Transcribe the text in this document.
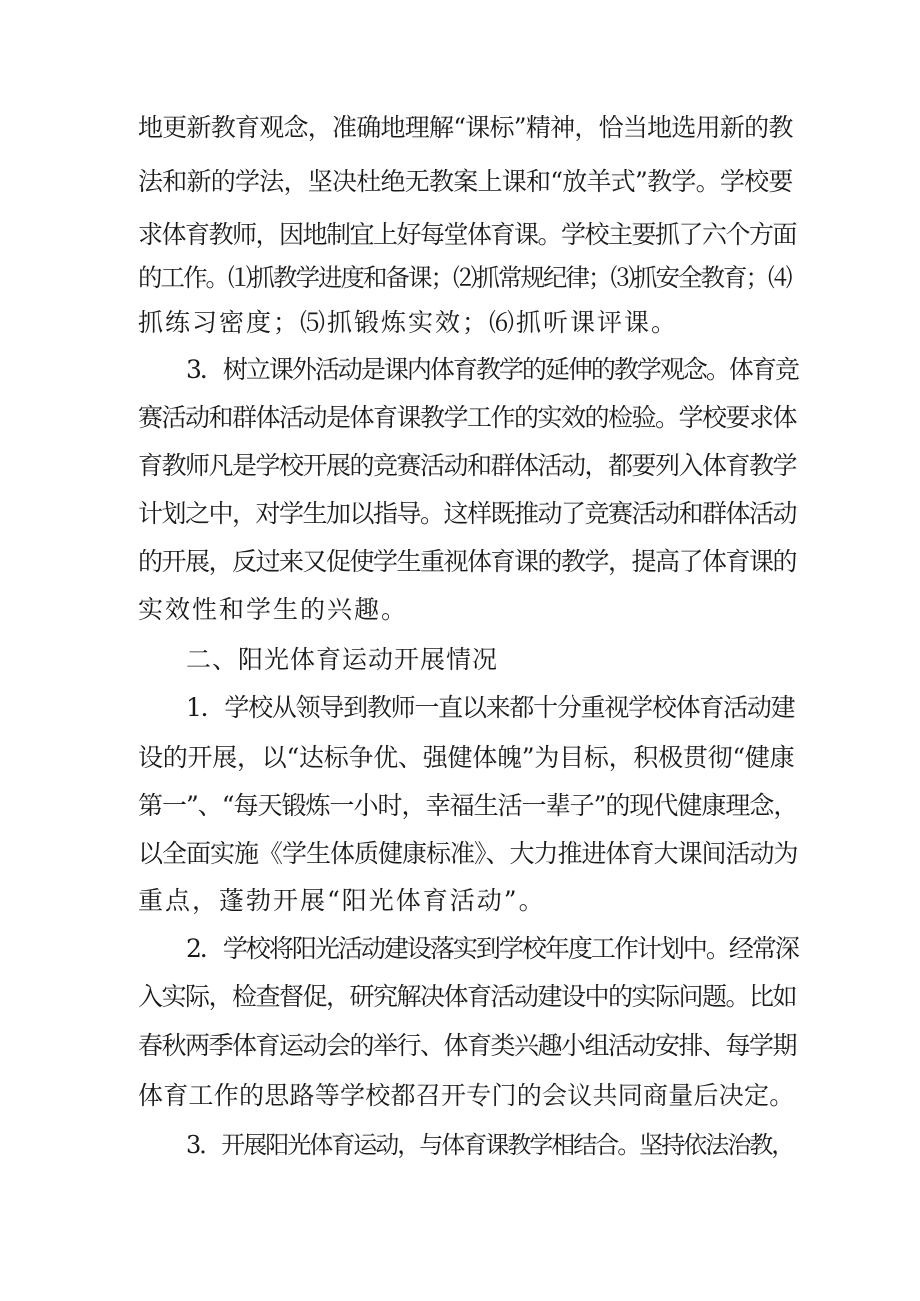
地更新教育观念，准确地理解“课标”精神，恰当地选用新的教
法和新的学法，坚决杜绝无教案上课和“放羊式”教学。学校要
求体育教师，因地制宜上好每堂体育课。学校主要抓了六个方面
的工作。⑴抓教学进度和备课；⑵抓常规纪律；⑶抓安全教育；⑷
抓练习密度；⑸抓锻炼实效；⑹抓听课评课。
3．树立课外活动是课内体育教学的延伸的教学观念。体育竞
赛活动和群体活动是体育课教学工作的实效的检验。学校要求体
育教师凡是学校开展的竞赛活动和群体活动，都要列入体育教学
计划之中，对学生加以指导。这样既推动了竞赛活动和群体活动
的开展，反过来又促使学生重视体育课的教学，提高了体育课的
实效性和学生的兴趣。
二、阳光体育运动开展情况
1．学校从领导到教师一直以来都十分重视学校体育活动建
设的开展，以“达标争优、强健体魄”为目标，积极贯彻“健康
第一”、“每天锻炼一小时，幸福生活一辈子”的现代健康理念，
以全面实施《学生体质健康标准》、大力推进体育大课间活动为
重点，蓬勃开展“阳光体育活动”。
2．学校将阳光活动建设落实到学校年度工作计划中。经常深
入实际，检查督促，研究解决体育活动建设中的实际问题。比如
春秋两季体育运动会的举行、体育类兴趣小组活动安排、每学期
体育工作的思路等学校都召开专门的会议共同商量后决定。
3．开展阳光体育运动，与体育课教学相结合。坚持依法治教，
